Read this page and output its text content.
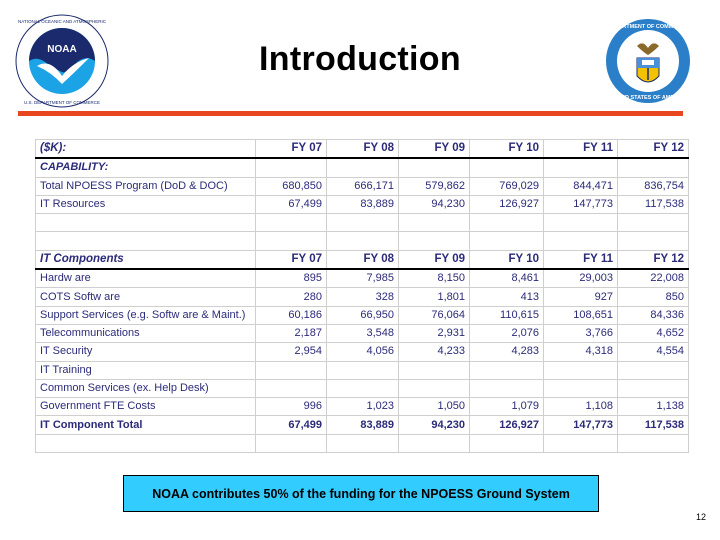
NOAA
U.S. DEPARTMENT OF COMMERCE
NATIONAL OCEANIC AND ATMOSPHERIC
Introduction
DEPARTMENT OF COMMERCE
UNITED STATES OF AMERICA
($K):	FY 07	FY 08	FY 09	FY 10	FY 11	FY 12
CAPABILITY:						
Total NPOESS Program (DoD & DOC)	680,850	666,171	579,862	769,029	844,471	836,754
IT Resources	67,499	83,889	94,230	126,927	147,773	117,538

IT Components	FY 07	FY 08	FY 09	FY 10	FY 11	FY 12
Hardw are	895	7,985	8,150	8,461	29,003	22,008
COTS Softw are	280	328	1,801	413	927	850
Support Services (e.g. Softw are & Maint.)	60,186	66,950	76,064	110,615	108,651	84,336
Telecommunications	2,187	3,548	2,931	2,076	3,766	4,652
IT Security	2,954	4,056	4,233	4,283	4,318	4,554
IT Training						
Common Services (ex. Help Desk)						
Government FTE Costs	996	1,023	1,050	1,079	1,108	1,138
IT Component Total	67,499	83,889	94,230	126,927	147,773	117,538

NOAA contributes 50% of the funding for the NPOESS Ground System
12
